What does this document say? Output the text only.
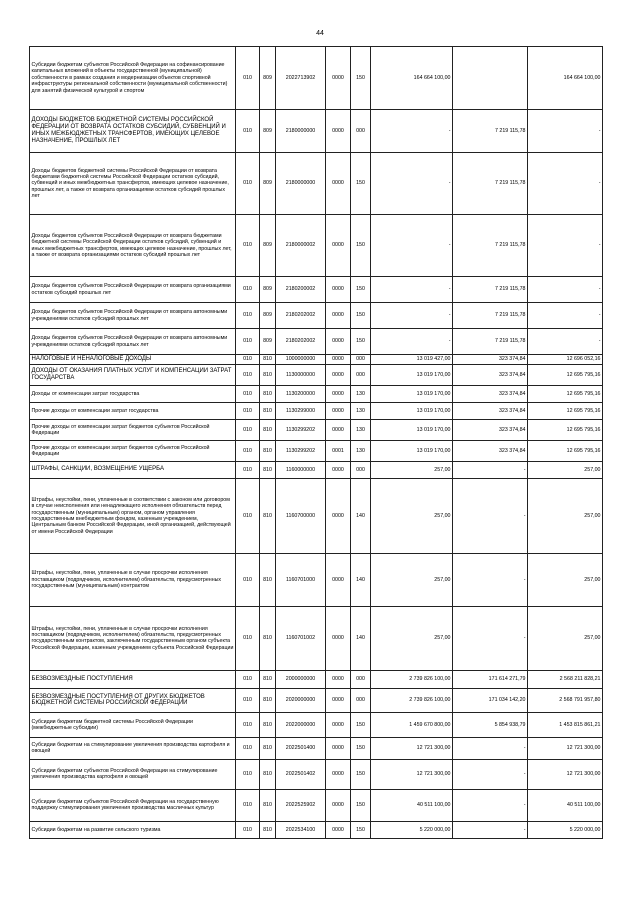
44
Субсидии бюджетам субъектов Российской Федерации на софинансирование капитальных вложений в объекты государственной (муниципальной) собственности в рамках создания и модернизации объектов спортивной инфраструктуры региональной собственности (муниципальной собственности) для занятий физической культурой и спортом	010	809	2022713902	0000	150	164 664 100,00		164 664 100,00
ДОХОДЫ БЮДЖЕТОВ БЮДЖЕТНОЙ СИСТЕМЫ РОССИЙСКОЙ ФЕДЕРАЦИИ ОТ ВОЗВРАТА ОСТАТКОВ СУБСИДИЙ, СУБВЕНЦИЙ И ИНЫХ МЕЖБЮДЖЕТНЫХ ТРАНСФЕРТОВ, ИМЕЮЩИХ ЦЕЛЕВОЕ НАЗНАЧЕНИЕ, ПРОШЛЫХ ЛЕТ	010	809	2180000000	0000	000	-	7 219 115,78	-
Доходы бюджетов бюджетной системы Российской Федерации от возврата бюджетами бюджетной системы Российской Федерации остатков субсидий, субвенций и иных межбюджетных трансфертов, имеющих целевое назначение, прошлых лет, а также от возврата организациями остатков субсидий прошлых лет	010	809	2180000000	0000	150	-	7 219 115,78	-
Доходы бюджетов субъектов Российской Федерации от возврата бюджетами бюджетной системы Российской Федерации остатков субсидий, субвенций и иных межбюджетных трансфертов, имеющих целевое назначение, прошлых лет, а также от возврата организациями остатков субсидий прошлых лет	010	809	2180000002	0000	150	-	7 219 115,78	-
Доходы бюджетов субъектов Российской Федерации от возврата организациями остатков субсидий прошлых лет	010	809	2180200002	0000	150	-	7 219 115,78	-
Доходы бюджетов субъектов Российской Федерации от возврата автономными учреждениями остатков субсидий прошлых лет	010	809	2180202002	0000	150	-	7 219 115,78	-
Доходы бюджетов субъектов Российской Федерации от возврата автономными учреждениями остатков субсидий прошлых лет	010	809	2180202002	0000	150	-	7 219 115,78	-
НАЛОГОВЫЕ И НЕНАЛОГОВЫЕ ДОХОДЫ	010	810	1000000000	0000	000	13 019 427,00	323 374,84	12 696 052,16
ДОХОДЫ ОТ ОКАЗАНИЯ ПЛАТНЫХ УСЛУГ И КОМПЕНСАЦИИ ЗАТРАТ ГОСУДАРСТВА	010	810	1130000000	0000	000	13 019 170,00	323 374,84	12 695 795,16
Доходы от компенсации затрат государства	010	810	1130200000	0000	130	13 019 170,00	323 374,84	12 695 795,16
Прочие доходы от компенсации затрат государства	010	810	1130299000	0000	130	13 019 170,00	323 374,84	12 695 795,16
Прочие доходы от компенсации затрат бюджетов субъектов Российской Федерации	010	810	1130299202	0000	130	13 019 170,00	323 374,84	12 695 795,16
Прочие доходы от компенсации затрат бюджетов субъектов Российской Федерации	010	810	1130299202	0001	130	13 019 170,00	323 374,84	12 695 795,16
ШТРАФЫ, САНКЦИИ, ВОЗМЕЩЕНИЕ УЩЕРБА	010	810	1160000000	0000	000	257,00	-	257,00
Штрафы, неустойки, пени, уплаченные в соответствии с законом или договором в случае неисполнения или ненадлежащего исполнения обязательств перед государственным (муниципальным) органом, органом управления государственным внебюджетным фондом, казенным учреждением, Центральным банком Российской Федерации, иной организацией, действующей от имени Российской Федерации	010	810	1160700000	0000	140	257,00	-	257,00
Штрафы, неустойки, пени, уплаченные в случае просрочки исполнения поставщиком (подрядчиком, исполнителем) обязательств, предусмотренных государственным (муниципальным) контрактом	010	810	1160701000	0000	140	257,00	-	257,00
Штрафы, неустойки, пени, уплаченные в случае просрочки исполнения поставщиком (подрядчиком, исполнителем) обязательств, предусмотренных государственным контрактом, заключенным государственным органом субъекта Российской Федерации, казенным учреждением субъекта Российской Федерации	010	810	1160701002	0000	140	257,00	-	257,00
БЕЗВОЗМЕЗДНЫЕ ПОСТУПЛЕНИЯ	010	810	2000000000	0000	000	2 739 826 100,00	171 614 271,79	2 568 211 828,21
БЕЗВОЗМЕЗДНЫЕ ПОСТУПЛЕНИЯ ОТ ДРУГИХ БЮДЖЕТОВ БЮДЖЕТНОЙ СИСТЕМЫ РОССИЙСКОЙ ФЕДЕРАЦИИ	010	810	2020000000	0000	000	2 739 826 100,00	171 034 142,20	2 568 791 957,80
Субсидии бюджетам бюджетной системы Российской Федерации (межбюджетные субсидии)	010	810	2022000000	0000	150	1 459 670 800,00	5 854 938,79	1 453 815 861,21
Субсидии бюджетам на стимулирование увеличения производства картофеля и овощей	010	810	2022501400	0000	150	12 721 300,00	-	12 721 300,00
Субсидии бюджетам субъектов Российской Федерации на стимулирование увеличения производства картофеля и овощей	010	810	2022501402	0000	150	12 721 300,00	-	12 721 300,00
Субсидии бюджетам субъектов Российской Федерации на государственную поддержку стимулирования увеличения производства масличных культур	010	810	2022525902	0000	150	40 511 100,00	-	40 511 100,00
Субсидии бюджетам на развитие сельского туризма	010	810	2022534100	0000	150	5 220 000,00	-	5 220 000,00
